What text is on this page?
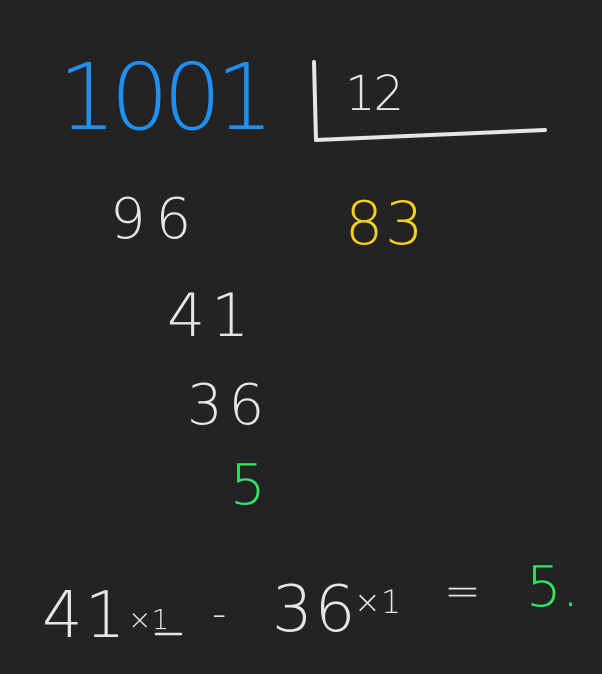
1001 12
96 83
41
36
5
41 ×1 - 36
×1 = 5.
